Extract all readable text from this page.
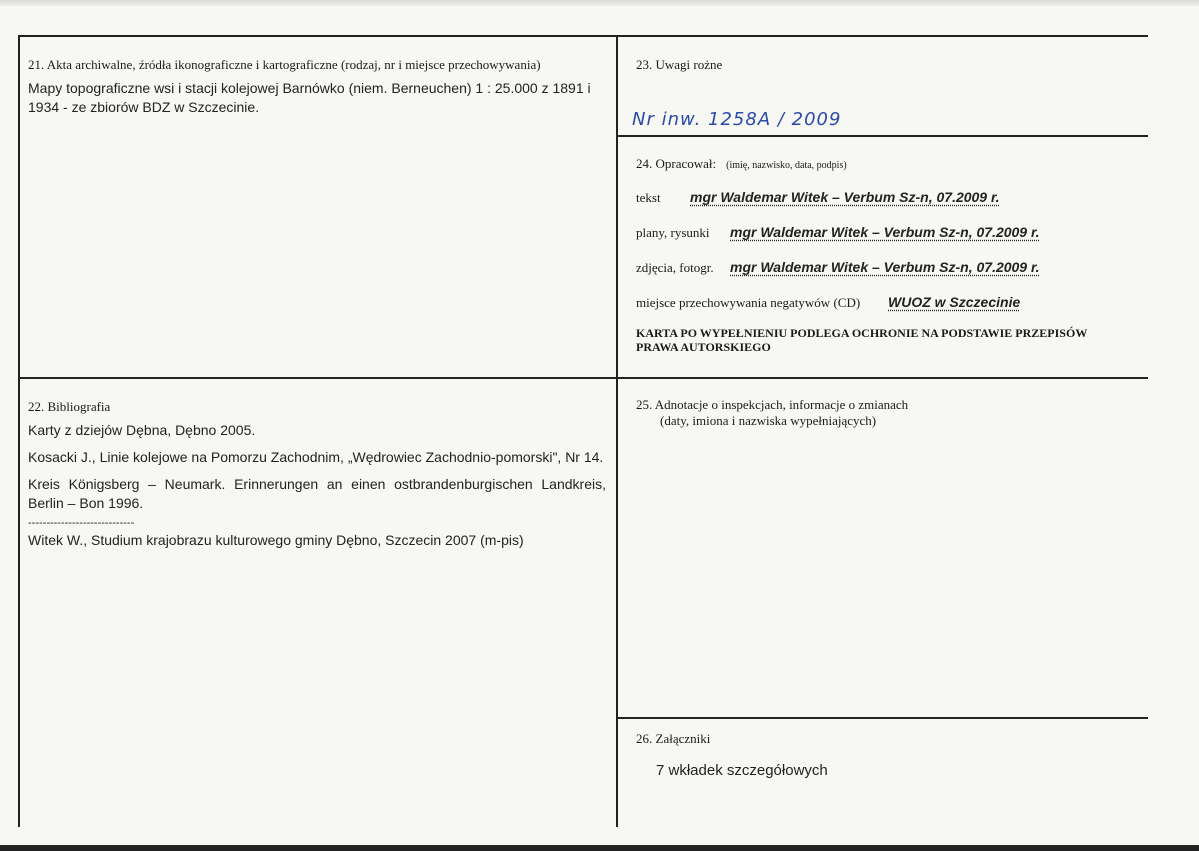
21. Akta archiwalne, źródła ikonograficzne i kartograficzne (rodzaj, nr i miejsce przechowywania)
Mapy topograficzne wsi i stacji kolejowej Barnówko (niem. Berneuchen) 1 : 25.000 z 1891 i 1934 - ze zbiorów BDZ w Szczecinie.
22. Bibliografia
Karty z dziejów Dębna, Dębno 2005.
Kosacki J., Linie kolejowe na Pomorzu Zachodnim, „Wędrowiec Zachodnio-pomorski", Nr 14.
Kreis Königsberg – Neumark. Erinnerungen an einen ostbrandenburgischen Landkreis, Berlin – Bon 1996.
-----------------------------
Witek W., Studium krajobrazu kulturowego gminy Dębno, Szczecin 2007 (m-pis)
23. Uwagi rożne
Nr inw. 1258A / 2009
24. Opracował: (imię, nazwisko, data, podpis)
tekst	mgr Waldemar Witek – Verbum Sz-n, 07.2009 r.
plany, rysunki	mgr Waldemar Witek – Verbum Sz-n, 07.2009 r.
zdjęcia, fotogr.	mgr Waldemar Witek – Verbum Sz-n, 07.2009 r.
miejsce przechowywania negatywów (CD)	WUOZ w Szczecinie
KARTA PO WYPEŁNIENIU PODLEGA OCHRONIE NA PODSTAWIE PRZEPISÓW PRAWA AUTORSKIEGO
25. Adnotacje o inspekcjach, informacje o zmianach
(daty, imiona i nazwiska wypełniających)
26. Załączniki
7 wkładek szczegółowych
